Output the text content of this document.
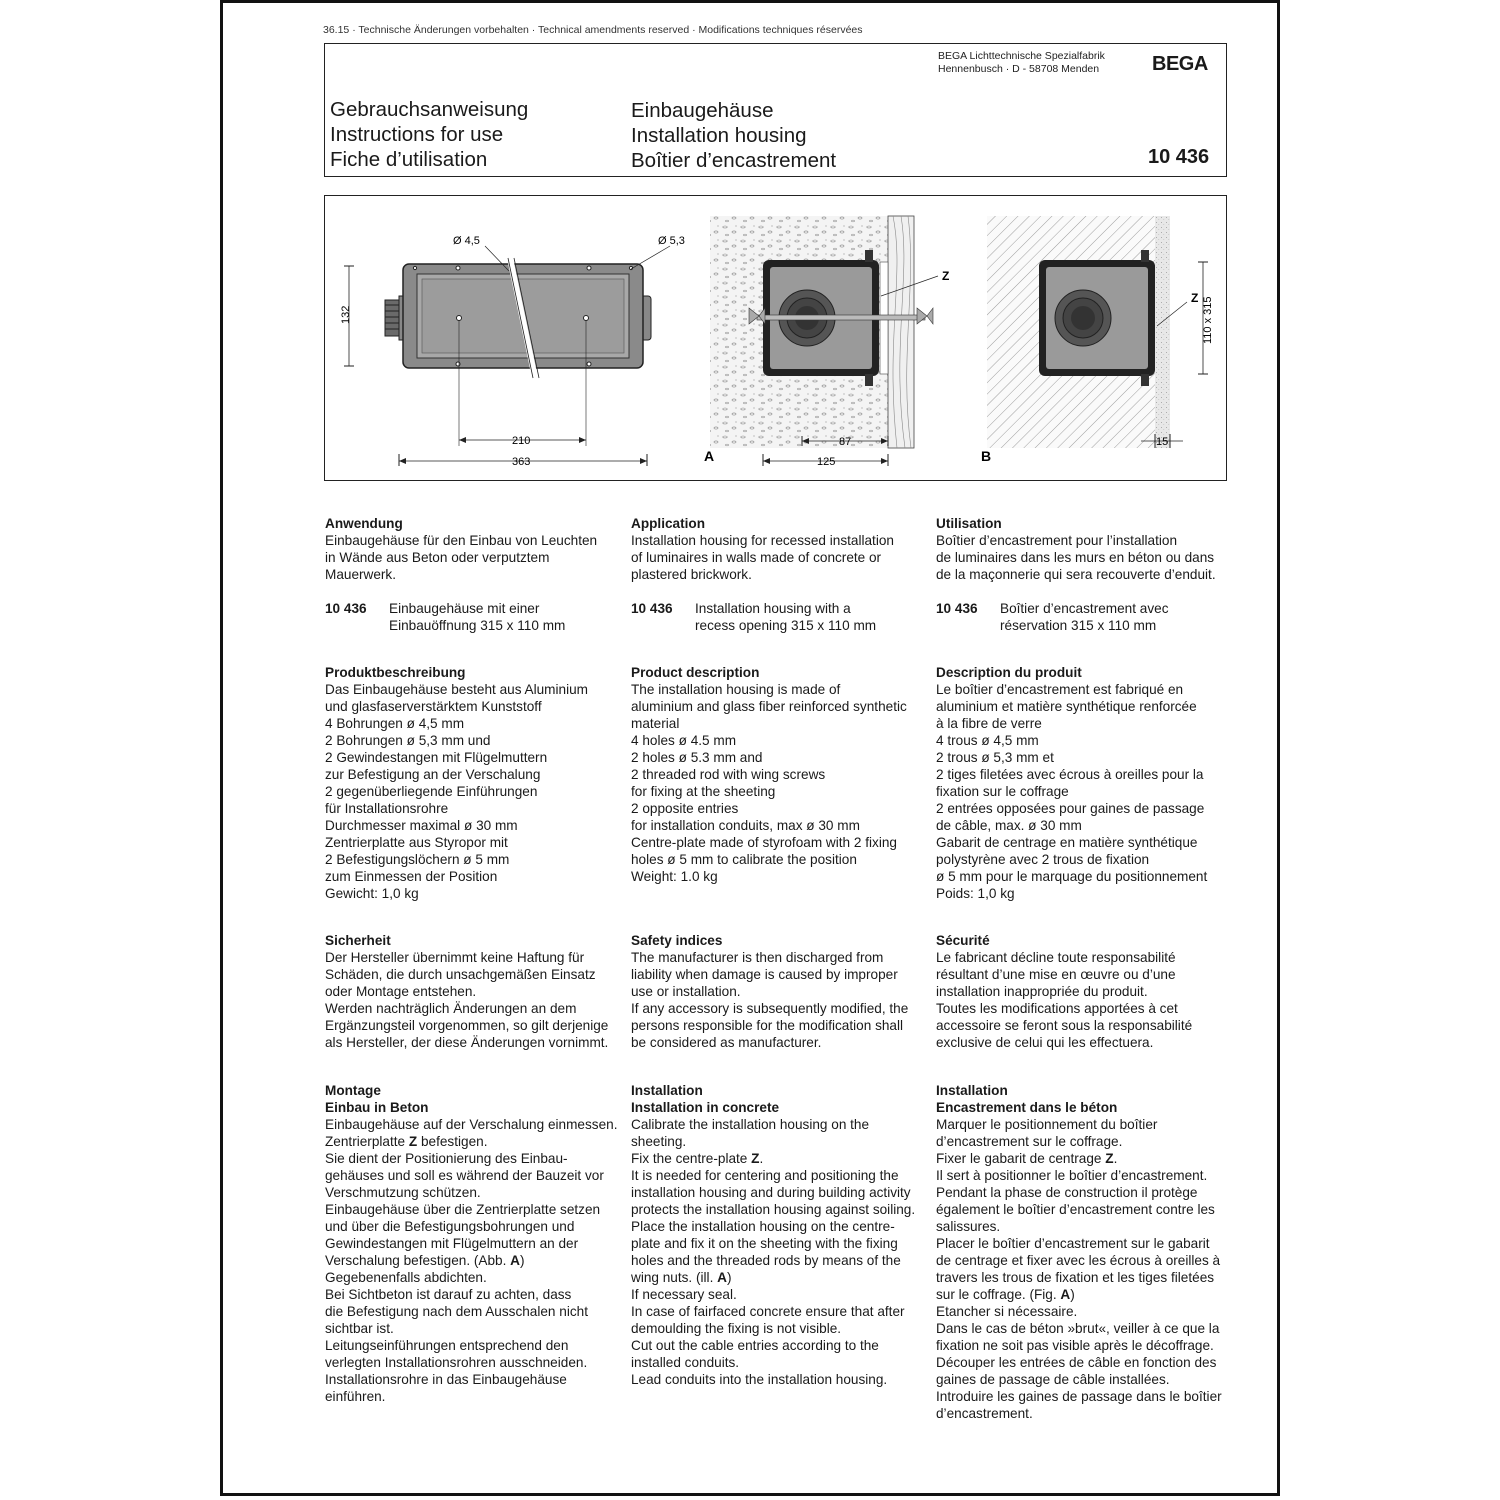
36.15 · Technische Änderungen vorbehalten · Technical amendments reserved · Modifications techniques réservées
BEGA Lichttechnische Spezialfabrik
Hennenbusch · D - 58708 Menden	BEGA
Gebrauchsanweisung
Instructions for use
Fiche d’utilisation
Einbaugehäuse
Installation housing
Boîtier d’encastrement	10 436
Ø 4,5	Ø 5,3
132
210
363
87
125
Z
A
Z 110 x 315
15
B
Anwendung
Einbaugehäuse für den Einbau von Leuchten
in Wände aus Beton oder verputztem
Mauerwerk.
10 436	Einbaugehäuse mit einer
Einbauöffnung 315 x 110 mm
Produktbeschreibung
Das Einbaugehäuse besteht aus Aluminium
und glasfaserverstärktem Kunststoff
4 Bohrungen ø 4,5 mm
2 Bohrungen ø 5,3 mm und
2 Gewindestangen mit Flügelmuttern
zur Befestigung an der Verschalung
2 gegenüberliegende Einführungen
für Installationsrohre
Durchmesser maximal ø 30 mm
Zentrierplatte aus Styropor mit
2 Befestigungslöchern ø 5 mm
zum Einmessen der Position
Gewicht: 1,0 kg
Sicherheit
Der Hersteller übernimmt keine Haftung für
Schäden, die durch unsachgemäßen Einsatz
oder Montage entstehen.
Werden nachträglich Änderungen an dem
Ergänzungsteil vorgenommen, so gilt derjenige
als Hersteller, der diese Änderungen vornimmt.
Montage
Einbau in Beton
Einbaugehäuse auf der Verschalung einmessen.
Zentrierplatte Z befestigen.
Sie dient der Positionierung des Einbau-
gehäuses und soll es während der Bauzeit vor
Verschmutzung schützen.
Einbaugehäuse über die Zentrierplatte setzen
und über die Befestigungsbohrungen und
Gewindestangen mit Flügelmuttern an der
Verschalung befestigen. (Abb. A)
Gegebenenfalls abdichten.
Bei Sichtbeton ist darauf zu achten, dass
die Befestigung nach dem Ausschalen nicht
sichtbar ist.
Leitungseinführungen entsprechend den
verlegten Installationsrohren ausschneiden.
Installationsrohre in das Einbaugehäuse
einführen.
Application
Installation housing for recessed installation
of luminaires in walls made of concrete or
plastered brickwork.
10 436	Installation housing with a
recess opening 315 x 110 mm
Product description
The installation housing is made of
aluminium and glass fiber reinforced synthetic
material
4 holes ø 4.5 mm
2 holes ø 5.3 mm and
2 threaded rod with wing screws
for fixing at the sheeting
2 opposite entries
for installation conduits, max ø 30 mm
Centre-plate made of styrofoam with 2 fixing
holes ø 5 mm to calibrate the position
Weight: 1.0 kg
Safety indices
The manufacturer is then discharged from
liability when damage is caused by improper
use or installation.
If any accessory is subsequently modified, the
persons responsible for the modification shall
be considered as manufacturer.
Installation
Installation in concrete
Calibrate the installation housing on the
sheeting.
Fix the centre-plate Z.
It is needed for centering and positioning the
installation housing and during building activity
protects the installation housing against soiling.
Place the installation housing on the centre-
plate and fix it on the sheeting with the fixing
holes and the threaded rods by means of the
wing nuts. (ill. A)
If necessary seal.
In case of fairfaced concrete ensure that after
demoulding the fixing is not visible.
Cut out the cable entries according to the
installed conduits.
Lead conduits into the installation housing.
Utilisation
Boîtier d’encastrement pour l’installation
de luminaires dans les murs en béton ou dans
de la maçonnerie qui sera recouverte d’enduit.
10 436	Boîtier d’encastrement avec
réservation 315 x 110 mm
Description du produit
Le boîtier d’encastrement est fabriqué en
aluminium et matière synthétique renforcée
à la fibre de verre
4 trous ø 4,5 mm
2 trous ø 5,3 mm et
2 tiges filetées avec écrous à oreilles pour la
fixation sur le coffrage
2 entrées opposées pour gaines de passage
de câble, max. ø 30 mm
Gabarit de centrage en matière synthétique
polystyrène avec 2 trous de fixation
ø 5 mm pour le marquage du positionnement
Poids: 1,0 kg
Sécurité
Le fabricant décline toute responsabilité
résultant d’une mise en œuvre ou d’une
installation inappropriée du produit.
Toutes les modifications apportées à cet
accessoire se feront sous la responsabilité
exclusive de celui qui les effectuera.
Installation
Encastrement dans le béton
Marquer le positionnement du boîtier
d’encastrement sur le coffrage.
Fixer le gabarit de centrage Z.
Il sert à positionner le boîtier d’encastrement.
Pendant la phase de construction il protège
également le boîtier d’encastrement contre les
salissures.
Placer le boîtier d’encastrement sur le gabarit
de centrage et fixer avec les écrous à oreilles à
travers les trous de fixation et les tiges filetées
sur le coffrage. (Fig. A)
Etancher si nécessaire.
Dans le cas de béton »brut«, veiller à ce que la
fixation ne soit pas visible après le décoffrage.
Découper les entrées de câble en fonction des
gaines de passage de câble installées.
Introduire les gaines de passage dans le boîtier
d’encastrement.
